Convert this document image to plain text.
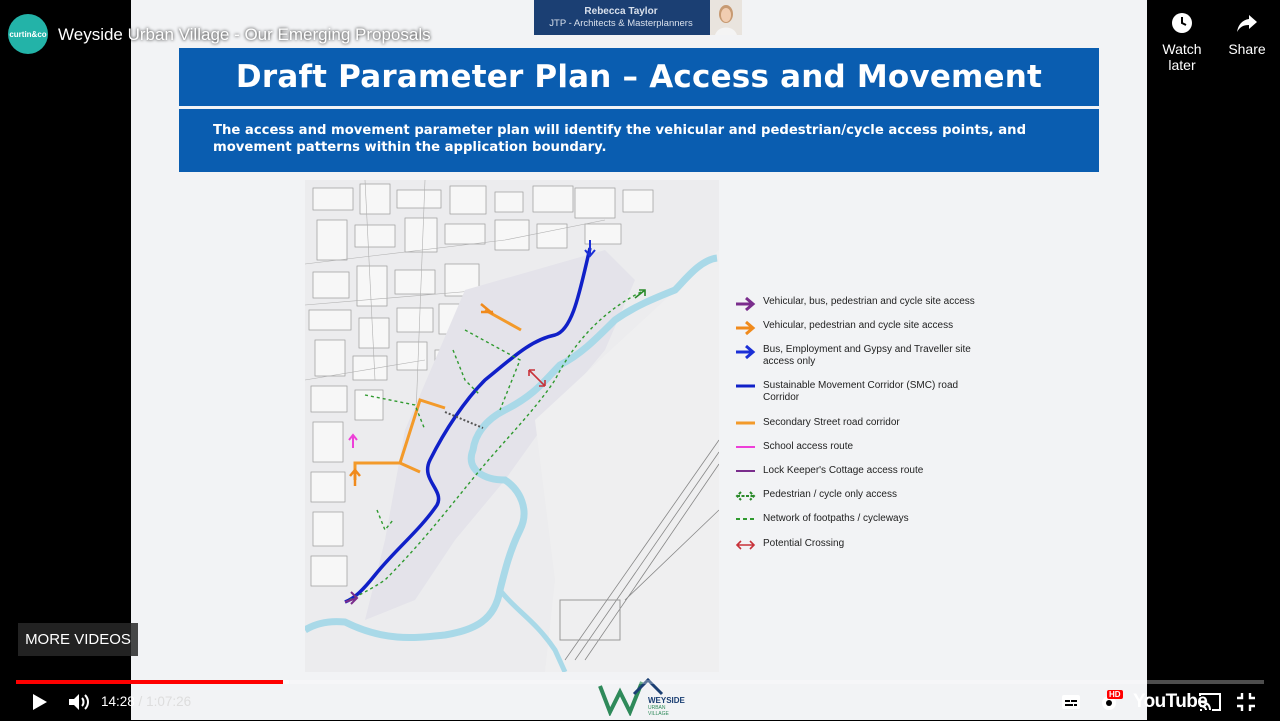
Draft Parameter Plan – Access and Movement
The access and movement parameter plan will identify the vehicular and pedestrian/cycle access points, and movement patterns within the application boundary.
Vehicular, bus, pedestrian and cycle site access
Vehicular, pedestrian and cycle site access
Bus, Employment and Gypsy and Traveller site access only
Sustainable Movement Corridor (SMC) road Corridor
Secondary Street road corridor
School access route
Lock Keeper's Cottage access route
Pedestrian / cycle only access
Network of footpaths / cycleways
Potential Crossing
Rebecca Taylor
JTP - Architects & Masterplanners
curtin&co Weyside Urban Village - Our Emerging Proposals
Watch later
Share
MORE VIDEOS
WEYSIDE
URBAN VILLAGE
14:28 / 1:07:26	HD YouTube
